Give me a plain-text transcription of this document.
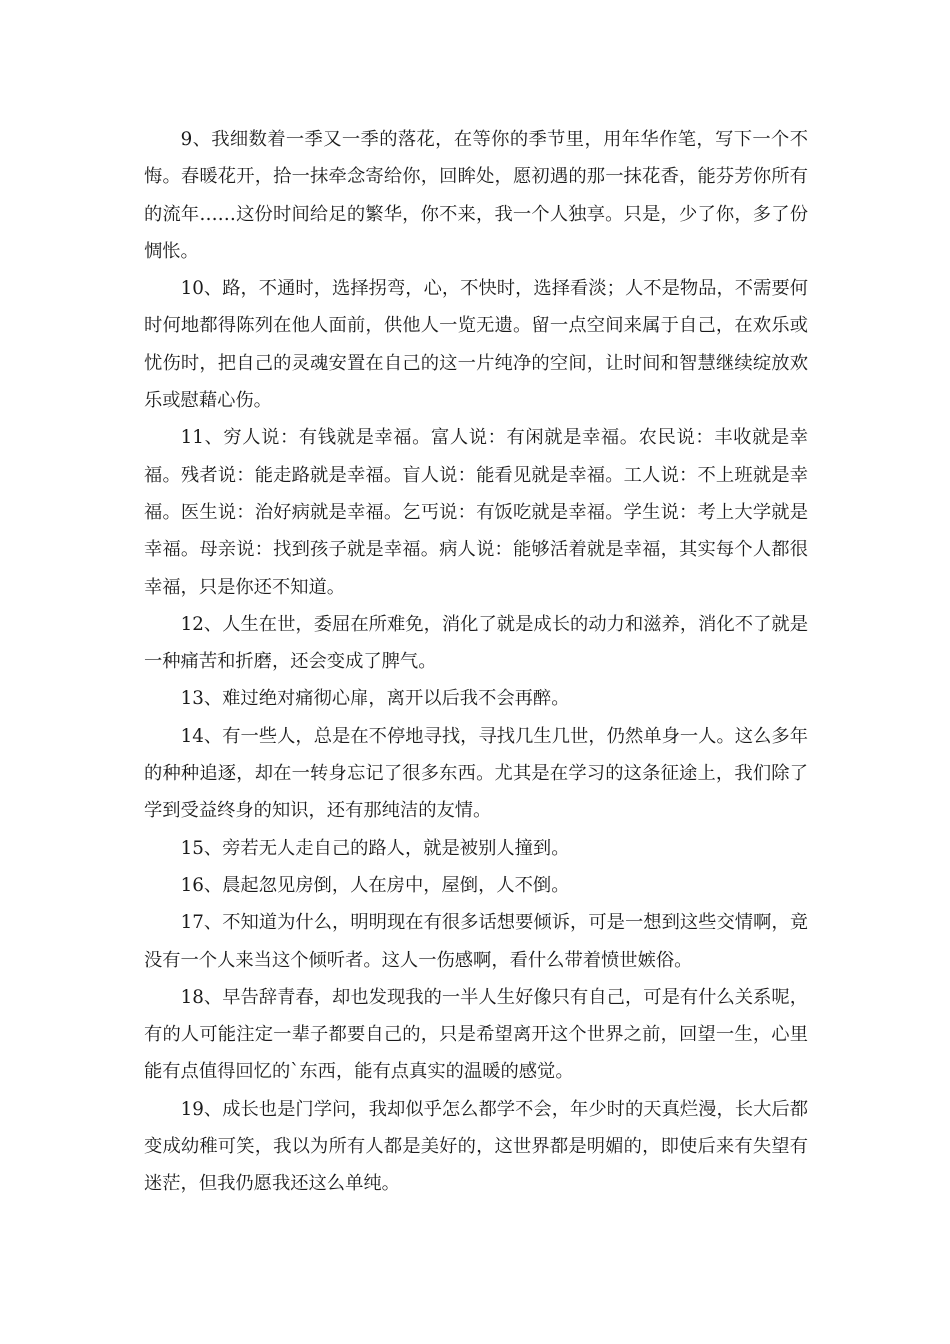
9、我细数着一季又一季的落花，在等你的季节里，用年华作笔，写下一个不悔。春暖花开，拾一抹牵念寄给你，回眸处，愿初遇的那一抹花香，能芬芳你所有的流年……这份时间给足的繁华，你不来，我一个人独享。只是，少了你，多了份惆怅。

10、路，不通时，选择拐弯，心，不快时，选择看淡；人不是物品，不需要何时何地都得陈列在他人面前，供他人一览无遗。留一点空间来属于自己，在欢乐或忧伤时，把自己的灵魂安置在自己的这一片纯净的空间，让时间和智慧继续绽放欢乐或慰藉心伤。

11、穷人说：有钱就是幸福。富人说：有闲就是幸福。农民说：丰收就是幸福。残者说：能走路就是幸福。盲人说：能看见就是幸福。工人说：不上班就是幸福。医生说：治好病就是幸福。乞丐说：有饭吃就是幸福。学生说：考上大学就是幸福。母亲说：找到孩子就是幸福。病人说：能够活着就是幸福，其实每个人都很幸福，只是你还不知道。

12、人生在世，委屈在所难免，消化了就是成长的动力和滋养，消化不了就是一种痛苦和折磨，还会变成了脾气。

13、难过绝对痛彻心扉，离开以后我不会再醉。

14、有一些人，总是在不停地寻找，寻找几生几世，仍然单身一人。这么多年的种种追逐，却在一转身忘记了很多东西。尤其是在学习的这条征途上，我们除了学到受益终身的知识，还有那纯洁的友情。

15、旁若无人走自己的路人，就是被别人撞到。

16、晨起忽见房倒，人在房中，屋倒，人不倒。

17、不知道为什么，明明现在有很多话想要倾诉，可是一想到这些交情啊，竟没有一个人来当这个倾听者。这人一伤感啊，看什么带着愤世嫉俗。

18、早告辞青春，却也发现我的一半人生好像只有自己，可是有什么关系呢，有的人可能注定一辈子都要自己的，只是希望离开这个世界之前，回望一生，心里能有点值得回忆的`东西，能有点真实的温暖的感觉。

19、成长也是门学问，我却似乎怎么都学不会，年少时的天真烂漫，长大后都变成幼稚可笑，我以为所有人都是美好的，这世界都是明媚的，即使后来有失望有迷茫，但我仍愿我还这么单纯。
